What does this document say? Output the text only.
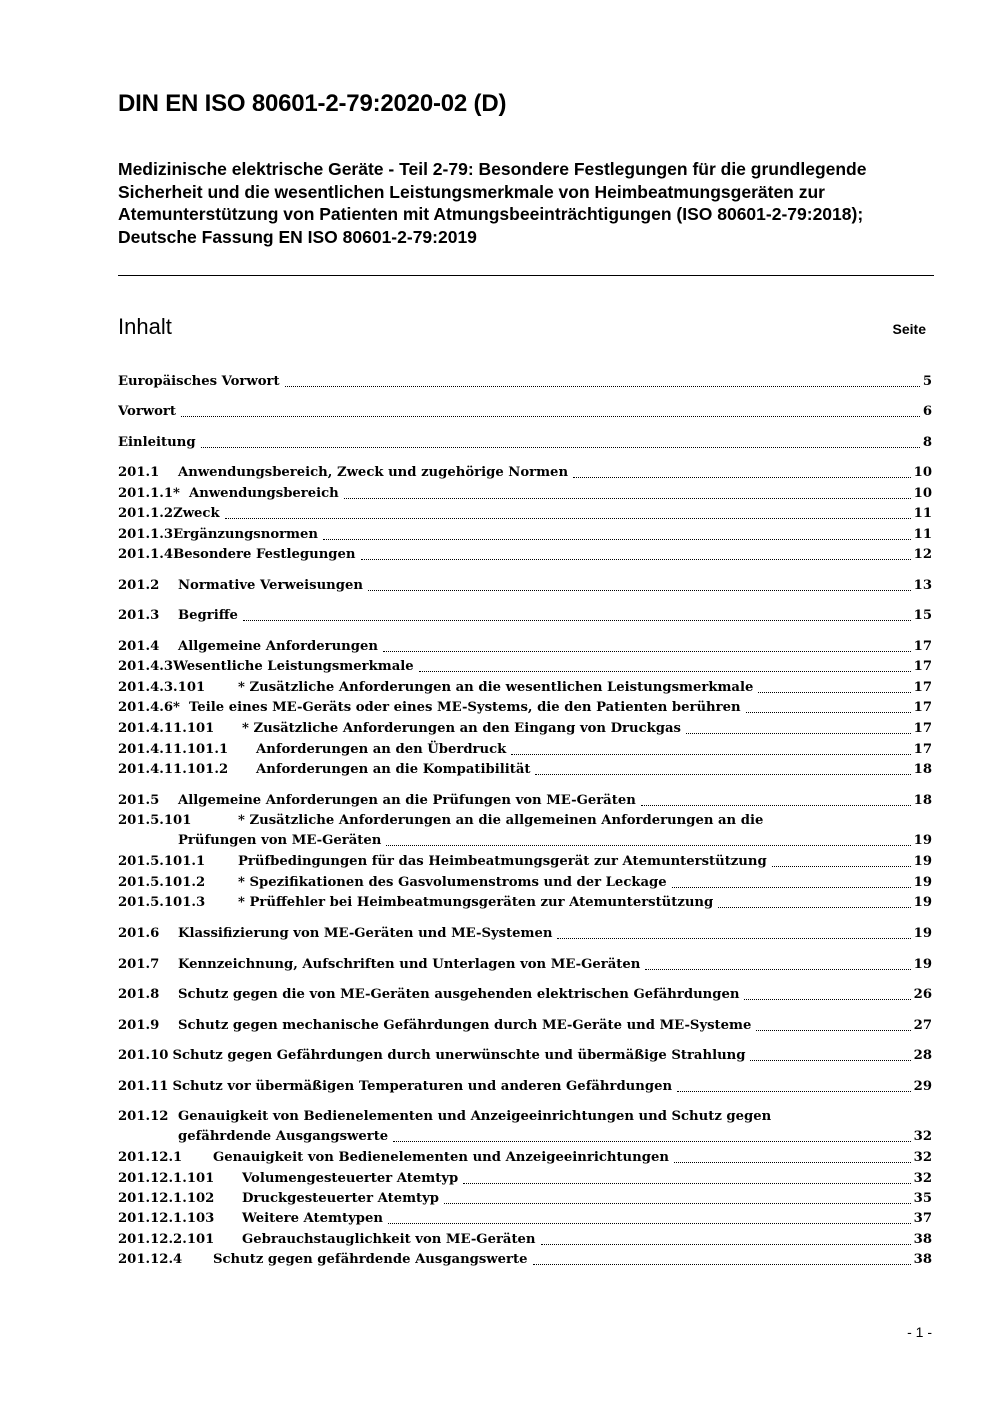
DIN EN ISO 80601-2-79:2020-02 (D)
Medizinische elektrische Geräte - Teil 2-79: Besondere Festlegungen für die grundlegende Sicherheit und die wesentlichen Leistungsmerkmale von Heimbeatmungsgeräten zur Atemunterstützung von Patienten mit Atmungsbeeinträchtigungen (ISO 80601-2-79:2018); Deutsche Fassung EN ISO 80601-2-79:2019
Inhalt	Seite
Europäisches Vorwort	5
Vorwort	6
Einleitung	8
201.1 Anwendungsbereich, Zweck und zugehörige Normen	10
201.1.1* Anwendungsbereich	10
201.1.2 Zweck	11
201.1.3 Ergänzungsnormen	11
201.1.4 Besondere Festlegungen	12
201.2 Normative Verweisungen	13
201.3 Begriffe	15
201.4 Allgemeine Anforderungen	17
201.4.3 Wesentliche Leistungsmerkmale	17
201.4.3.101 * Zusätzliche Anforderungen an die wesentlichen Leistungsmerkmale	17
201.4.6* Teile eines ME-Geräts oder eines ME-Systems, die den Patienten berühren	17
201.4.11.101 * Zusätzliche Anforderungen an den Eingang von Druckgas	17
201.4.11.101.1 Anforderungen an den Überdruck	17
201.4.11.101.2 Anforderungen an die Kompatibilität	18
201.5 Allgemeine Anforderungen an die Prüfungen von ME-Geräten	18
201.5.101	* Zusätzliche Anforderungen an die allgemeinen Anforderungen an die
Prüfungen von ME-Geräten	19
201.5.101.1 Prüfbedingungen für das Heimbeatmungsgerät zur Atemunterstützung	19
201.5.101.2 * Spezifikationen des Gasvolumenstroms und der Leckage	19
201.5.101.3 * Prüffehler bei Heimbeatmungsgeräten zur Atemunterstützung	19
201.6 Klassifizierung von ME-Geräten und ME-Systemen	19
201.7 Kennzeichnung, Aufschriften und Unterlagen von ME-Geräten	19
201.8 Schutz gegen die von ME-Geräten ausgehenden elektrischen Gefährdungen	26
201.9 Schutz gegen mechanische Gefährdungen durch ME-Geräte und ME-Systeme	27
201.10 Schutz gegen Gefährdungen durch unerwünschte und übermäßige Strahlung	28
201.11 Schutz vor übermäßigen Temperaturen und anderen Gefährdungen	29
201.12 Genauigkeit von Bedienelementen und Anzeigeeinrichtungen und Schutz gegen
gefährdende Ausgangswerte	32
201.12.1 Genauigkeit von Bedienelementen und Anzeigeeinrichtungen	32
201.12.1.101 Volumengesteuerter Atemtyp	32
201.12.1.102 Druckgesteuerter Atemtyp	35
201.12.1.103 Weitere Atemtypen	37
201.12.2.101 Gebrauchstauglichkeit von ME-Geräten	38
201.12.4 Schutz gegen gefährdende Ausgangswerte	38
- 1 -
